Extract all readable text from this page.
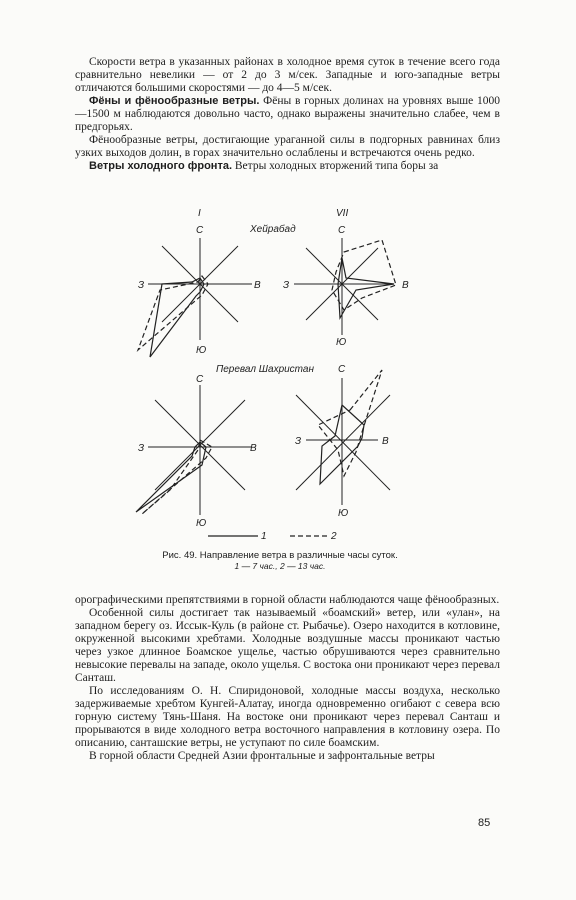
Скорости ветра в указанных районах в холодное время суток в течение всего года сравнительно невелики — от 2 до 3 м/сек. Западные и юго-западные ветры отличаются большими скоростями — до 4—5 м/сек.

Фёны и фёнообразные ветры. Фёны в горных долинах на уровнях выше 1000—1500 м наблюдаются довольно часто, однако выражены значительно слабее, чем в предгорьях.

Фёнообразные ветры, достигающие ураганной силы в подгорных равнинах близ узких выходов долин, в горах значительно ослаблены и встречаются очень редко.

Ветры холодного фронта. Ветры холодных вторжений типа боры за

I	VII
Хейрабад
Перевал Шахристан
С
Ю
З	В
С
Ю
З	В
С
Ю
З	В
С
Ю
З	В
1	2
Рис. 49. Направление ветра в различные часы суток.
1 — 7 час., 2 — 13 час.

орографическими препятствиями в горной области наблюдаются чаще фёнообразных.

Особенной силы достигает так называемый «боамский» ветер, или «улан», на западном берегу оз. Иссык-Куль (в районе ст. Рыбачье). Озеро находится в котловине, окруженной высокими хребтами. Холодные воздушные массы проникают частью через узкое длинное Боамское ущелье, частью обрушиваются через сравнительно невысокие перевалы на западе, около ущелья. С востока они проникают через перевал Санташ.

По исследованиям О. Н. Спиридоновой, холодные массы воздуха, несколько задерживаемые хребтом Кунгей-Алатау, иногда одновременно огибают с севера всю горную систему Тянь-Шаня. На востоке они проникают через перевал Санташ и прорываются в виде холодного ветра восточного направления в котловину озера. По описанию, санташские ветры, не уступают по силе боамским.

В горной области Средней Азии фронтальные и зафронтальные ветры

85
